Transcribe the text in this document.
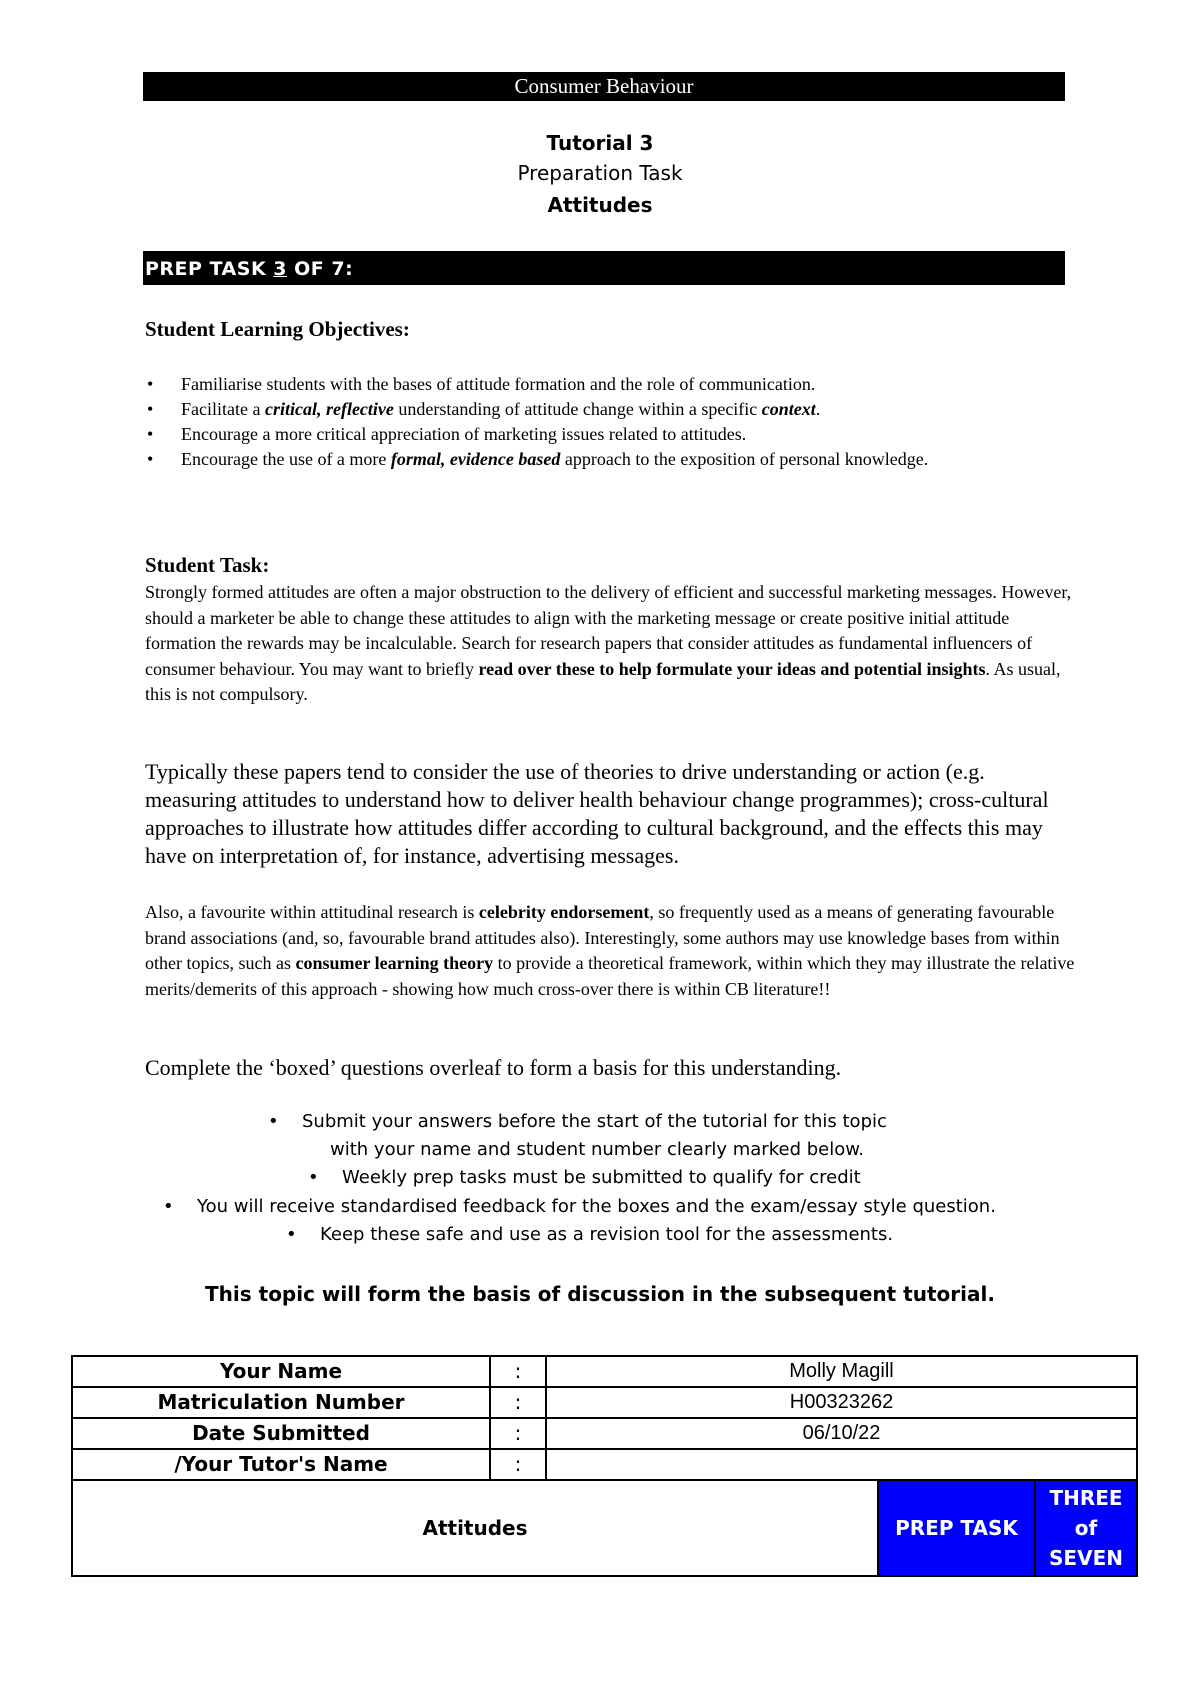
Consumer Behaviour
Tutorial 3
Preparation Task
Attitudes
PREP TASK 3 OF 7:
Student Learning Objectives:
• Familiarise students with the bases of attitude formation and the role of communication.
• Facilitate a critical, reflective understanding of attitude change within a specific context.
• Encourage a more critical appreciation of marketing issues related to attitudes.
• Encourage the use of a more formal, evidence based approach to the exposition of personal knowledge.
Student Task:

Strongly formed attitudes are often a major obstruction to the delivery of efficient and successful marketing messages. However, should a marketer be able to change these attitudes to align with the marketing message or create positive initial attitude formation the rewards may be incalculable. Search for research papers that consider attitudes as fundamental influencers of consumer behaviour. You may want to briefly read over these to help formulate your ideas and potential insights. As usual, this is not compulsory.

Typically these papers tend to consider the use of theories to drive understanding or action (e.g. measuring attitudes to understand how to deliver health behaviour change programmes); cross-cultural approaches to illustrate how attitudes differ according to cultural background, and the effects this may have on interpretation of, for instance, advertising messages.

Also, a favourite within attitudinal research is celebrity endorsement, so frequently used as a means of generating favourable brand associations (and, so, favourable brand attitudes also). Interestingly, some authors may use knowledge bases from within other topics, such as consumer learning theory to provide a theoretical framework, within which they may illustrate the relative merits/demerits of this approach - showing how much cross-over there is within CB literature!!

Complete the ‘boxed’ questions overleaf to form a basis for this understanding.

• Submit your answers before the start of the tutorial for this topic
with your name and student number clearly marked below.
• Weekly prep tasks must be submitted to qualify for credit
• You will receive standardised feedback for the boxes and the exam/essay style question.
• Keep these safe and use as a revision tool for the assessments.
This topic will form the basis of discussion in the subsequent tutorial.
Your Name	:	Molly Magill		
Matriculation Number	:	H00323262		
Date Submitted	:	06/10/22		
/Your Tutor's Name	:			
Attitudes			PREP TASK	THREE
of
SEVEN
